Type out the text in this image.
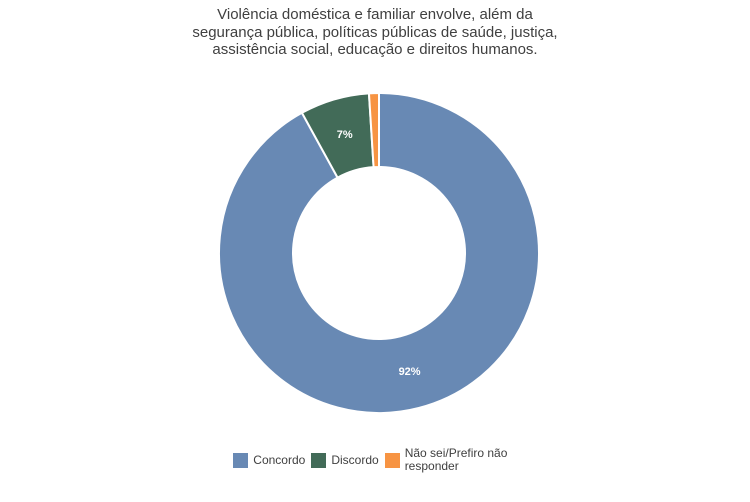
Violência doméstica e familiar envolve, além da
segurança pública, políticas públicas de saúde, justiça,
assistência social, educação e direitos humanos.
92%
7%
Concordo Discordo Não sei/Prefiro não responder
